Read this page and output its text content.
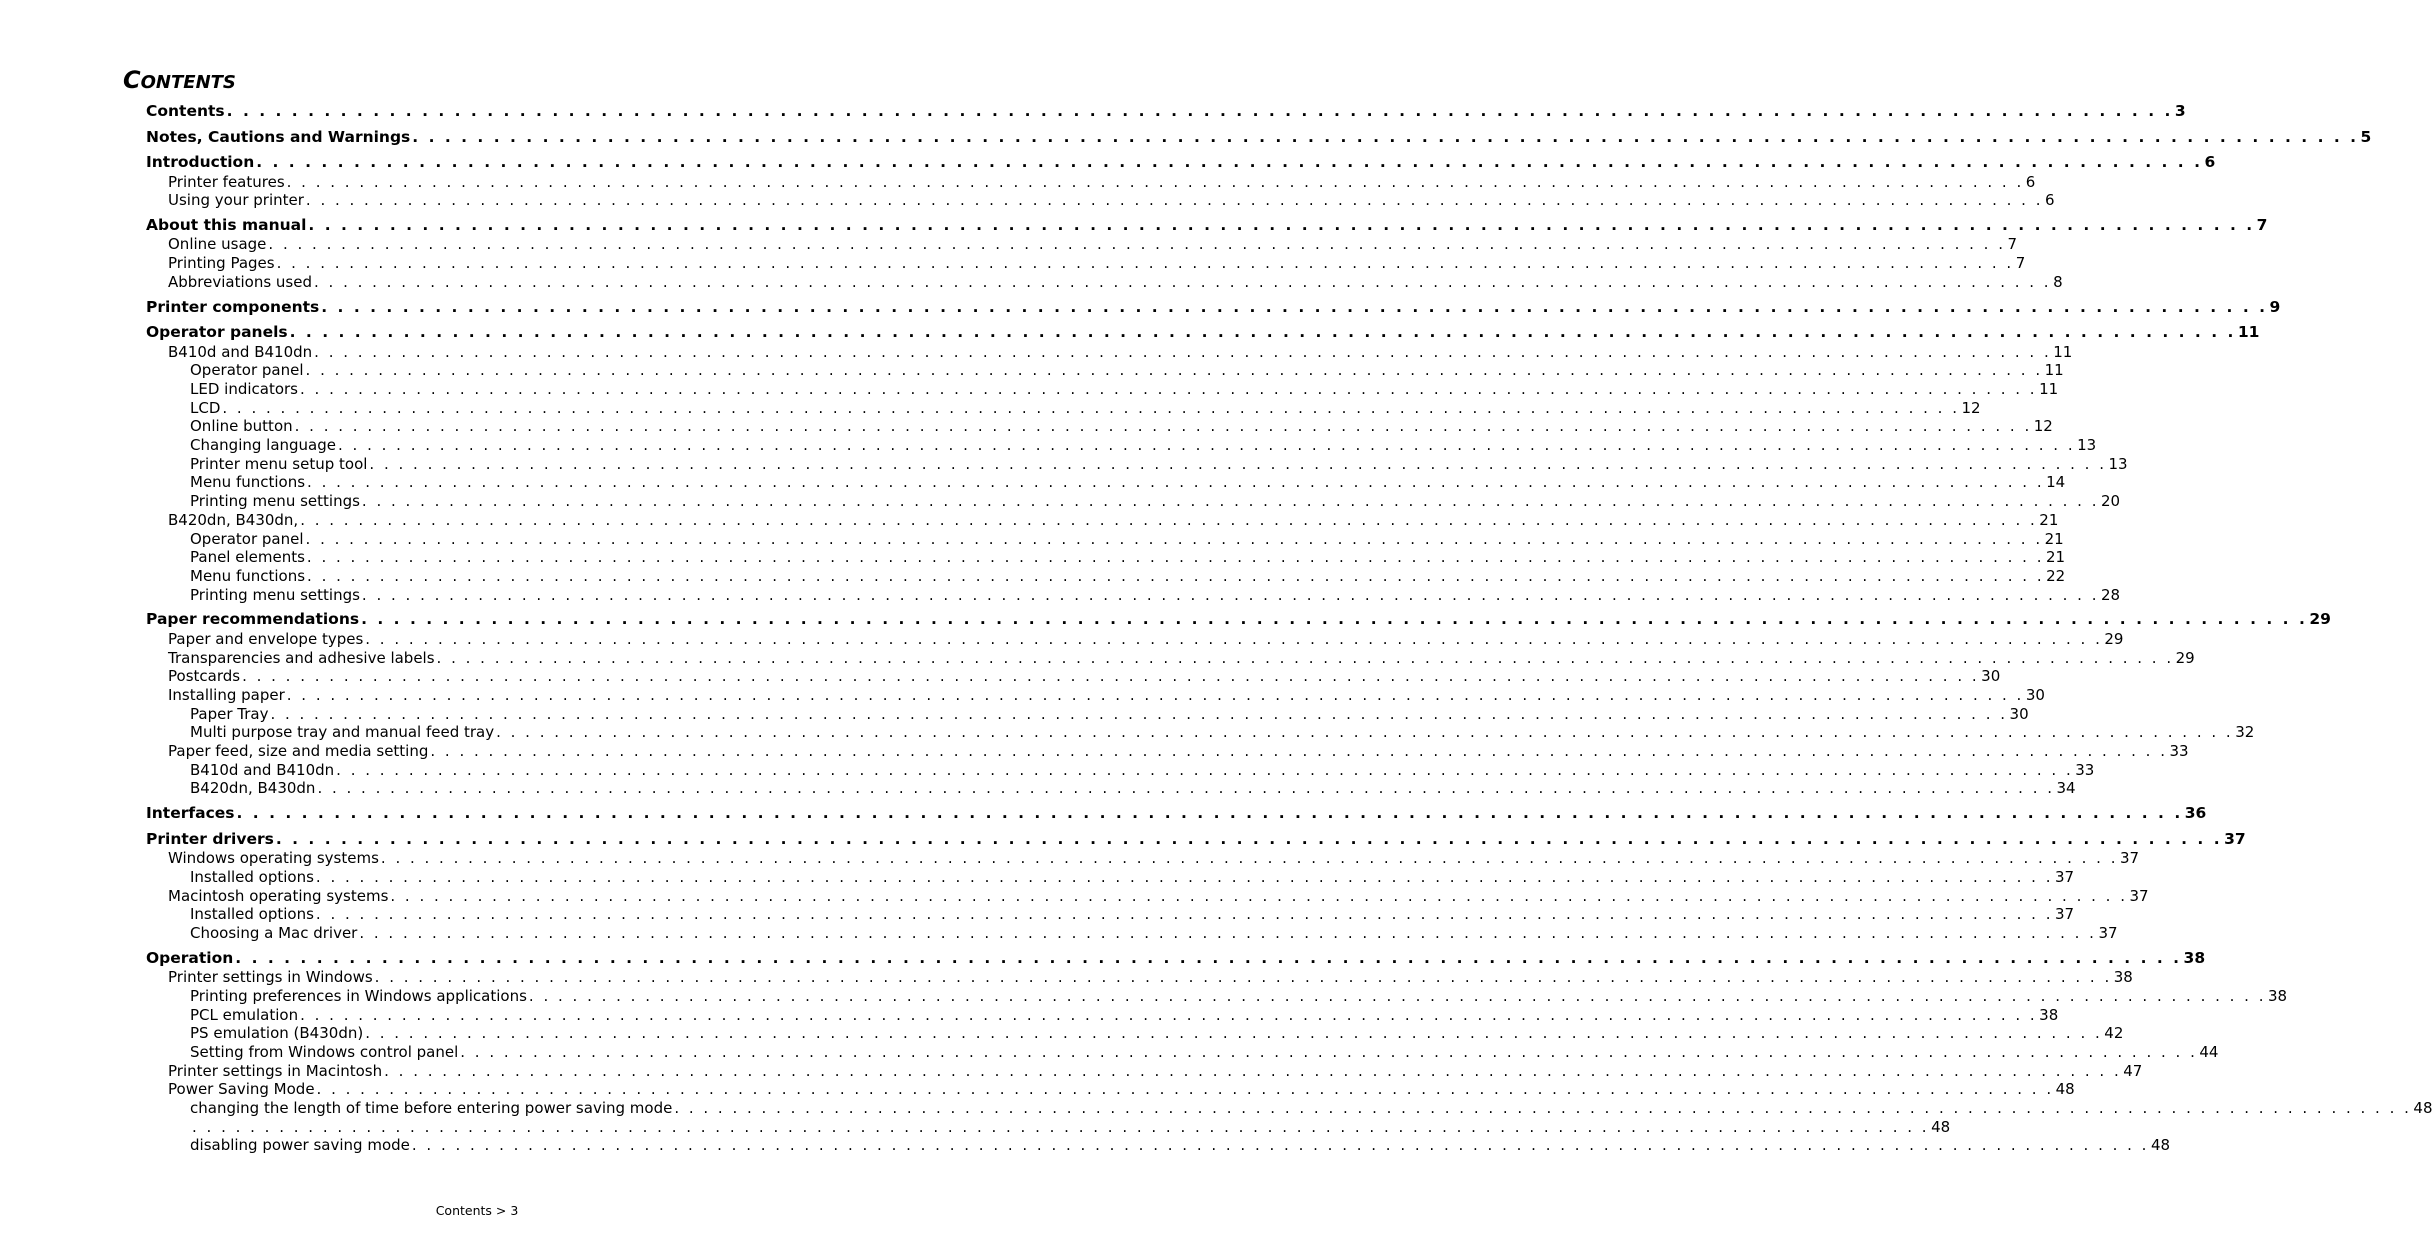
CONTENTS
Contents . . . . . . . . . . . . . . . . . . . . . . . . . . . . . . . . . . . . . . . . . . . . . . . . . . . . . . . . . . . . . . . . . . . . . . . . . . . . . . . . . . . . . . . . . . . . . . . . . . . . . . . . . . . . . . . . . . . . . . . . 3
Notes, Cautions and Warnings . . . . . . . . . . . . . . . . . . . . . . . . . . . . . . . . . . . . . . . . . . . . . . . . . . . . . . . . . . . . . . . . . . . . . . . . . . . . . . . . . . . . . . . . . . . . . . . . . . . . . . . . . . . . . . . . . . . . . . . . 5
Introduction . . . . . . . . . . . . . . . . . . . . . . . . . . . . . . . . . . . . . . . . . . . . . . . . . . . . . . . . . . . . . . . . . . . . . . . . . . . . . . . . . . . . . . . . . . . . . . . . . . . . . . . . . . . . . . . . . . . . . . . . 6
Printer features . . . . . . . . . . . . . . . . . . . . . . . . . . . . . . . . . . . . . . . . . . . . . . . . . . . . . . . . . . . . . . . . . . . . . . . . . . . . . . . . . . . . . . . . . . . . . . . . . . . . . . . . . . . . . . . . . . . . . . . . 6
Using your printer . . . . . . . . . . . . . . . . . . . . . . . . . . . . . . . . . . . . . . . . . . . . . . . . . . . . . . . . . . . . . . . . . . . . . . . . . . . . . . . . . . . . . . . . . . . . . . . . . . . . . . . . . . . . . . . . . . . . . . . . 6
About this manual . . . . . . . . . . . . . . . . . . . . . . . . . . . . . . . . . . . . . . . . . . . . . . . . . . . . . . . . . . . . . . . . . . . . . . . . . . . . . . . . . . . . . . . . . . . . . . . . . . . . . . . . . . . . . . . . . . . . . . . . 7
Online usage . . . . . . . . . . . . . . . . . . . . . . . . . . . . . . . . . . . . . . . . . . . . . . . . . . . . . . . . . . . . . . . . . . . . . . . . . . . . . . . . . . . . . . . . . . . . . . . . . . . . . . . . . . . . . . . . . . . . . . . . 7
Printing Pages . . . . . . . . . . . . . . . . . . . . . . . . . . . . . . . . . . . . . . . . . . . . . . . . . . . . . . . . . . . . . . . . . . . . . . . . . . . . . . . . . . . . . . . . . . . . . . . . . . . . . . . . . . . . . . . . . . . . . . . . 7
Abbreviations used . . . . . . . . . . . . . . . . . . . . . . . . . . . . . . . . . . . . . . . . . . . . . . . . . . . . . . . . . . . . . . . . . . . . . . . . . . . . . . . . . . . . . . . . . . . . . . . . . . . . . . . . . . . . . . . . . . . . . . . . 8
Printer components . . . . . . . . . . . . . . . . . . . . . . . . . . . . . . . . . . . . . . . . . . . . . . . . . . . . . . . . . . . . . . . . . . . . . . . . . . . . . . . . . . . . . . . . . . . . . . . . . . . . . . . . . . . . . . . . . . . . . . . . 9
Operator panels . . . . . . . . . . . . . . . . . . . . . . . . . . . . . . . . . . . . . . . . . . . . . . . . . . . . . . . . . . . . . . . . . . . . . . . . . . . . . . . . . . . . . . . . . . . . . . . . . . . . . . . . . . . . . . . . . . . . . . . . 11
B410d and B410dn . . . . . . . . . . . . . . . . . . . . . . . . . . . . . . . . . . . . . . . . . . . . . . . . . . . . . . . . . . . . . . . . . . . . . . . . . . . . . . . . . . . . . . . . . . . . . . . . . . . . . . . . . . . . . . . . . . . . . . . . 11
Operator panel . . . . . . . . . . . . . . . . . . . . . . . . . . . . . . . . . . . . . . . . . . . . . . . . . . . . . . . . . . . . . . . . . . . . . . . . . . . . . . . . . . . . . . . . . . . . . . . . . . . . . . . . . . . . . . . . . . . . . . . . 11
LED indicators . . . . . . . . . . . . . . . . . . . . . . . . . . . . . . . . . . . . . . . . . . . . . . . . . . . . . . . . . . . . . . . . . . . . . . . . . . . . . . . . . . . . . . . . . . . . . . . . . . . . . . . . . . . . . . . . . . . . . . . . 11
LCD . . . . . . . . . . . . . . . . . . . . . . . . . . . . . . . . . . . . . . . . . . . . . . . . . . . . . . . . . . . . . . . . . . . . . . . . . . . . . . . . . . . . . . . . . . . . . . . . . . . . . . . . . . . . . . . . . . . . . . . . 12
Online button . . . . . . . . . . . . . . . . . . . . . . . . . . . . . . . . . . . . . . . . . . . . . . . . . . . . . . . . . . . . . . . . . . . . . . . . . . . . . . . . . . . . . . . . . . . . . . . . . . . . . . . . . . . . . . . . . . . . . . . . 12
Changing language . . . . . . . . . . . . . . . . . . . . . . . . . . . . . . . . . . . . . . . . . . . . . . . . . . . . . . . . . . . . . . . . . . . . . . . . . . . . . . . . . . . . . . . . . . . . . . . . . . . . . . . . . . . . . . . . . . . . . . . . 13
Printer menu setup tool . . . . . . . . . . . . . . . . . . . . . . . . . . . . . . . . . . . . . . . . . . . . . . . . . . . . . . . . . . . . . . . . . . . . . . . . . . . . . . . . . . . . . . . . . . . . . . . . . . . . . . . . . . . . . . . . . . . . . . . . 13
Menu functions . . . . . . . . . . . . . . . . . . . . . . . . . . . . . . . . . . . . . . . . . . . . . . . . . . . . . . . . . . . . . . . . . . . . . . . . . . . . . . . . . . . . . . . . . . . . . . . . . . . . . . . . . . . . . . . . . . . . . . . . 14
Printing menu settings . . . . . . . . . . . . . . . . . . . . . . . . . . . . . . . . . . . . . . . . . . . . . . . . . . . . . . . . . . . . . . . . . . . . . . . . . . . . . . . . . . . . . . . . . . . . . . . . . . . . . . . . . . . . . . . . . . . . . . . . 20
B420dn, B430dn, . . . . . . . . . . . . . . . . . . . . . . . . . . . . . . . . . . . . . . . . . . . . . . . . . . . . . . . . . . . . . . . . . . . . . . . . . . . . . . . . . . . . . . . . . . . . . . . . . . . . . . . . . . . . . . . . . . . . . . . . 21
Operator panel . . . . . . . . . . . . . . . . . . . . . . . . . . . . . . . . . . . . . . . . . . . . . . . . . . . . . . . . . . . . . . . . . . . . . . . . . . . . . . . . . . . . . . . . . . . . . . . . . . . . . . . . . . . . . . . . . . . . . . . . 21
Panel elements . . . . . . . . . . . . . . . . . . . . . . . . . . . . . . . . . . . . . . . . . . . . . . . . . . . . . . . . . . . . . . . . . . . . . . . . . . . . . . . . . . . . . . . . . . . . . . . . . . . . . . . . . . . . . . . . . . . . . . . . 21
Menu functions . . . . . . . . . . . . . . . . . . . . . . . . . . . . . . . . . . . . . . . . . . . . . . . . . . . . . . . . . . . . . . . . . . . . . . . . . . . . . . . . . . . . . . . . . . . . . . . . . . . . . . . . . . . . . . . . . . . . . . . . 22
Printing menu settings . . . . . . . . . . . . . . . . . . . . . . . . . . . . . . . . . . . . . . . . . . . . . . . . . . . . . . . . . . . . . . . . . . . . . . . . . . . . . . . . . . . . . . . . . . . . . . . . . . . . . . . . . . . . . . . . . . . . . . . . 28
Paper recommendations . . . . . . . . . . . . . . . . . . . . . . . . . . . . . . . . . . . . . . . . . . . . . . . . . . . . . . . . . . . . . . . . . . . . . . . . . . . . . . . . . . . . . . . . . . . . . . . . . . . . . . . . . . . . . . . . . . . . . . . . 29
Paper and envelope types . . . . . . . . . . . . . . . . . . . . . . . . . . . . . . . . . . . . . . . . . . . . . . . . . . . . . . . . . . . . . . . . . . . . . . . . . . . . . . . . . . . . . . . . . . . . . . . . . . . . . . . . . . . . . . . . . . . . . . . . 29
Transparencies and adhesive labels . . . . . . . . . . . . . . . . . . . . . . . . . . . . . . . . . . . . . . . . . . . . . . . . . . . . . . . . . . . . . . . . . . . . . . . . . . . . . . . . . . . . . . . . . . . . . . . . . . . . . . . . . . . . . . . . . . . . . . . . 29
Postcards . . . . . . . . . . . . . . . . . . . . . . . . . . . . . . . . . . . . . . . . . . . . . . . . . . . . . . . . . . . . . . . . . . . . . . . . . . . . . . . . . . . . . . . . . . . . . . . . . . . . . . . . . . . . . . . . . . . . . . . . 30
Installing paper . . . . . . . . . . . . . . . . . . . . . . . . . . . . . . . . . . . . . . . . . . . . . . . . . . . . . . . . . . . . . . . . . . . . . . . . . . . . . . . . . . . . . . . . . . . . . . . . . . . . . . . . . . . . . . . . . . . . . . . . 30
Paper Tray . . . . . . . . . . . . . . . . . . . . . . . . . . . . . . . . . . . . . . . . . . . . . . . . . . . . . . . . . . . . . . . . . . . . . . . . . . . . . . . . . . . . . . . . . . . . . . . . . . . . . . . . . . . . . . . . . . . . . . . . 30
Multi purpose tray and manual feed tray . . . . . . . . . . . . . . . . . . . . . . . . . . . . . . . . . . . . . . . . . . . . . . . . . . . . . . . . . . . . . . . . . . . . . . . . . . . . . . . . . . . . . . . . . . . . . . . . . . . . . . . . . . . . . . . . . . . . . . . . 32
Paper feed, size and media setting . . . . . . . . . . . . . . . . . . . . . . . . . . . . . . . . . . . . . . . . . . . . . . . . . . . . . . . . . . . . . . . . . . . . . . . . . . . . . . . . . . . . . . . . . . . . . . . . . . . . . . . . . . . . . . . . . . . . . . . . 33
B410d and B410dn . . . . . . . . . . . . . . . . . . . . . . . . . . . . . . . . . . . . . . . . . . . . . . . . . . . . . . . . . . . . . . . . . . . . . . . . . . . . . . . . . . . . . . . . . . . . . . . . . . . . . . . . . . . . . . . . . . . . . . . . 33
B420dn, B430dn . . . . . . . . . . . . . . . . . . . . . . . . . . . . . . . . . . . . . . . . . . . . . . . . . . . . . . . . . . . . . . . . . . . . . . . . . . . . . . . . . . . . . . . . . . . . . . . . . . . . . . . . . . . . . . . . . . . . . . . . 34
Interfaces . . . . . . . . . . . . . . . . . . . . . . . . . . . . . . . . . . . . . . . . . . . . . . . . . . . . . . . . . . . . . . . . . . . . . . . . . . . . . . . . . . . . . . . . . . . . . . . . . . . . . . . . . . . . . . . . . . . . . . . . 36
Printer drivers . . . . . . . . . . . . . . . . . . . . . . . . . . . . . . . . . . . . . . . . . . . . . . . . . . . . . . . . . . . . . . . . . . . . . . . . . . . . . . . . . . . . . . . . . . . . . . . . . . . . . . . . . . . . . . . . . . . . . . . . 37
Windows operating systems . . . . . . . . . . . . . . . . . . . . . . . . . . . . . . . . . . . . . . . . . . . . . . . . . . . . . . . . . . . . . . . . . . . . . . . . . . . . . . . . . . . . . . . . . . . . . . . . . . . . . . . . . . . . . . . . . . . . . . . . 37
Installed options . . . . . . . . . . . . . . . . . . . . . . . . . . . . . . . . . . . . . . . . . . . . . . . . . . . . . . . . . . . . . . . . . . . . . . . . . . . . . . . . . . . . . . . . . . . . . . . . . . . . . . . . . . . . . . . . . . . . . . . . 37
Macintosh operating systems . . . . . . . . . . . . . . . . . . . . . . . . . . . . . . . . . . . . . . . . . . . . . . . . . . . . . . . . . . . . . . . . . . . . . . . . . . . . . . . . . . . . . . . . . . . . . . . . . . . . . . . . . . . . . . . . . . . . . . . . 37
Installed options . . . . . . . . . . . . . . . . . . . . . . . . . . . . . . . . . . . . . . . . . . . . . . . . . . . . . . . . . . . . . . . . . . . . . . . . . . . . . . . . . . . . . . . . . . . . . . . . . . . . . . . . . . . . . . . . . . . . . . . . 37
Choosing a Mac driver . . . . . . . . . . . . . . . . . . . . . . . . . . . . . . . . . . . . . . . . . . . . . . . . . . . . . . . . . . . . . . . . . . . . . . . . . . . . . . . . . . . . . . . . . . . . . . . . . . . . . . . . . . . . . . . . . . . . . . . . 37
Operation . . . . . . . . . . . . . . . . . . . . . . . . . . . . . . . . . . . . . . . . . . . . . . . . . . . . . . . . . . . . . . . . . . . . . . . . . . . . . . . . . . . . . . . . . . . . . . . . . . . . . . . . . . . . . . . . . . . . . . . . 38
Printer settings in Windows . . . . . . . . . . . . . . . . . . . . . . . . . . . . . . . . . . . . . . . . . . . . . . . . . . . . . . . . . . . . . . . . . . . . . . . . . . . . . . . . . . . . . . . . . . . . . . . . . . . . . . . . . . . . . . . . . . . . . . . . 38
Printing preferences in Windows applications . . . . . . . . . . . . . . . . . . . . . . . . . . . . . . . . . . . . . . . . . . . . . . . . . . . . . . . . . . . . . . . . . . . . . . . . . . . . . . . . . . . . . . . . . . . . . . . . . . . . . . . . . . . . . . . . . . . . . . . . 38
PCL emulation . . . . . . . . . . . . . . . . . . . . . . . . . . . . . . . . . . . . . . . . . . . . . . . . . . . . . . . . . . . . . . . . . . . . . . . . . . . . . . . . . . . . . . . . . . . . . . . . . . . . . . . . . . . . . . . . . . . . . . . . 38
PS emulation (B430dn) . . . . . . . . . . . . . . . . . . . . . . . . . . . . . . . . . . . . . . . . . . . . . . . . . . . . . . . . . . . . . . . . . . . . . . . . . . . . . . . . . . . . . . . . . . . . . . . . . . . . . . . . . . . . . . . . . . . . . . . . 42
Setting from Windows control panel . . . . . . . . . . . . . . . . . . . . . . . . . . . . . . . . . . . . . . . . . . . . . . . . . . . . . . . . . . . . . . . . . . . . . . . . . . . . . . . . . . . . . . . . . . . . . . . . . . . . . . . . . . . . . . . . . . . . . . . . 44
Printer settings in Macintosh . . . . . . . . . . . . . . . . . . . . . . . . . . . . . . . . . . . . . . . . . . . . . . . . . . . . . . . . . . . . . . . . . . . . . . . . . . . . . . . . . . . . . . . . . . . . . . . . . . . . . . . . . . . . . . . . . . . . . . . . 47
Power Saving Mode . . . . . . . . . . . . . . . . . . . . . . . . . . . . . . . . . . . . . . . . . . . . . . . . . . . . . . . . . . . . . . . . . . . . . . . . . . . . . . . . . . . . . . . . . . . . . . . . . . . . . . . . . . . . . . . . . . . . . . . . 48
changing the length of time before entering power saving mode . . . . . . . . . . . . . . . . . . . . . . . . . . . . . . . . . . . . . . . . . . . . . . . . . . . . . . . . . . . . . . . . . . . . . . . . . . . . . . . . . . . . . . . . . . . . . . . . . . . . . . . . . . . . . . . . . . . . . . . . 48
. . . . . . . . . . . . . . . . . . . . . . . . . . . . . . . . . . . . . . . . . . . . . . . . . . . . . . . . . . . . . . . . . . . . . . . . . . . . . . . . . . . . . . . . . . . . . . . . . . . . . . . . . . . . . . . . . . . . . . . . 48
disabling power saving mode . . . . . . . . . . . . . . . . . . . . . . . . . . . . . . . . . . . . . . . . . . . . . . . . . . . . . . . . . . . . . . . . . . . . . . . . . . . . . . . . . . . . . . . . . . . . . . . . . . . . . . . . . . . . . . . . . . . . . . . . 48
Contents > 3
